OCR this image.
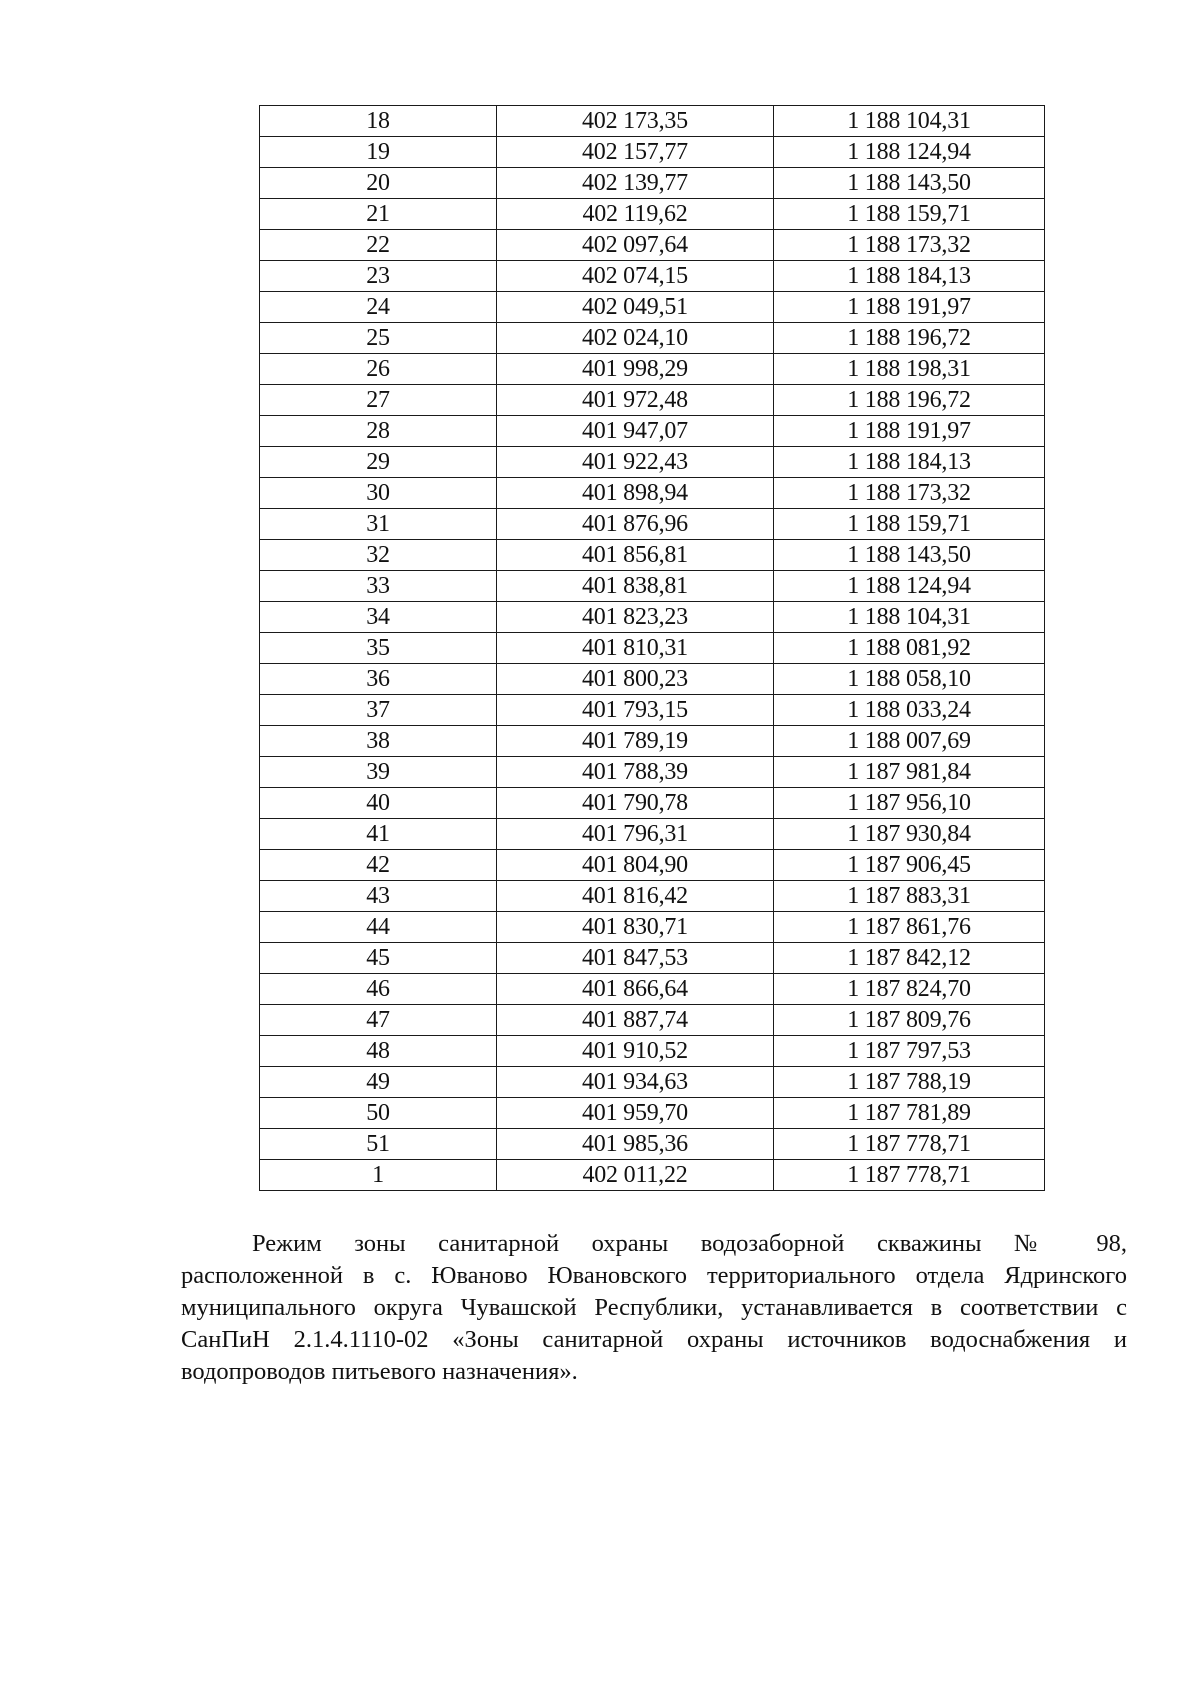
18	402 173,35	1 188 104,31
19	402 157,77	1 188 124,94
20	402 139,77	1 188 143,50
21	402 119,62	1 188 159,71
22	402 097,64	1 188 173,32
23	402 074,15	1 188 184,13
24	402 049,51	1 188 191,97
25	402 024,10	1 188 196,72
26	401 998,29	1 188 198,31
27	401 972,48	1 188 196,72
28	401 947,07	1 188 191,97
29	401 922,43	1 188 184,13
30	401 898,94	1 188 173,32
31	401 876,96	1 188 159,71
32	401 856,81	1 188 143,50
33	401 838,81	1 188 124,94
34	401 823,23	1 188 104,31
35	401 810,31	1 188 081,92
36	401 800,23	1 188 058,10
37	401 793,15	1 188 033,24
38	401 789,19	1 188 007,69
39	401 788,39	1 187 981,84
40	401 790,78	1 187 956,10
41	401 796,31	1 187 930,84
42	401 804,90	1 187 906,45
43	401 816,42	1 187 883,31
44	401 830,71	1 187 861,76
45	401 847,53	1 187 842,12
46	401 866,64	1 187 824,70
47	401 887,74	1 187 809,76
48	401 910,52	1 187 797,53
49	401 934,63	1 187 788,19
50	401 959,70	1 187 781,89
51	401 985,36	1 187 778,71
1	402 011,22	1 187 778,71
Режим зоны санитарной охраны водозаборной скважины № 98,
расположенной в с. Юваново Ювановского территориального отдела Ядринского
муниципального округа Чувашской Республики, устанавливается в соответствии с
СанПиН 2.1.4.1110-02 «Зоны санитарной охраны источников водоснабжения и
водопроводов питьевого назначения».
